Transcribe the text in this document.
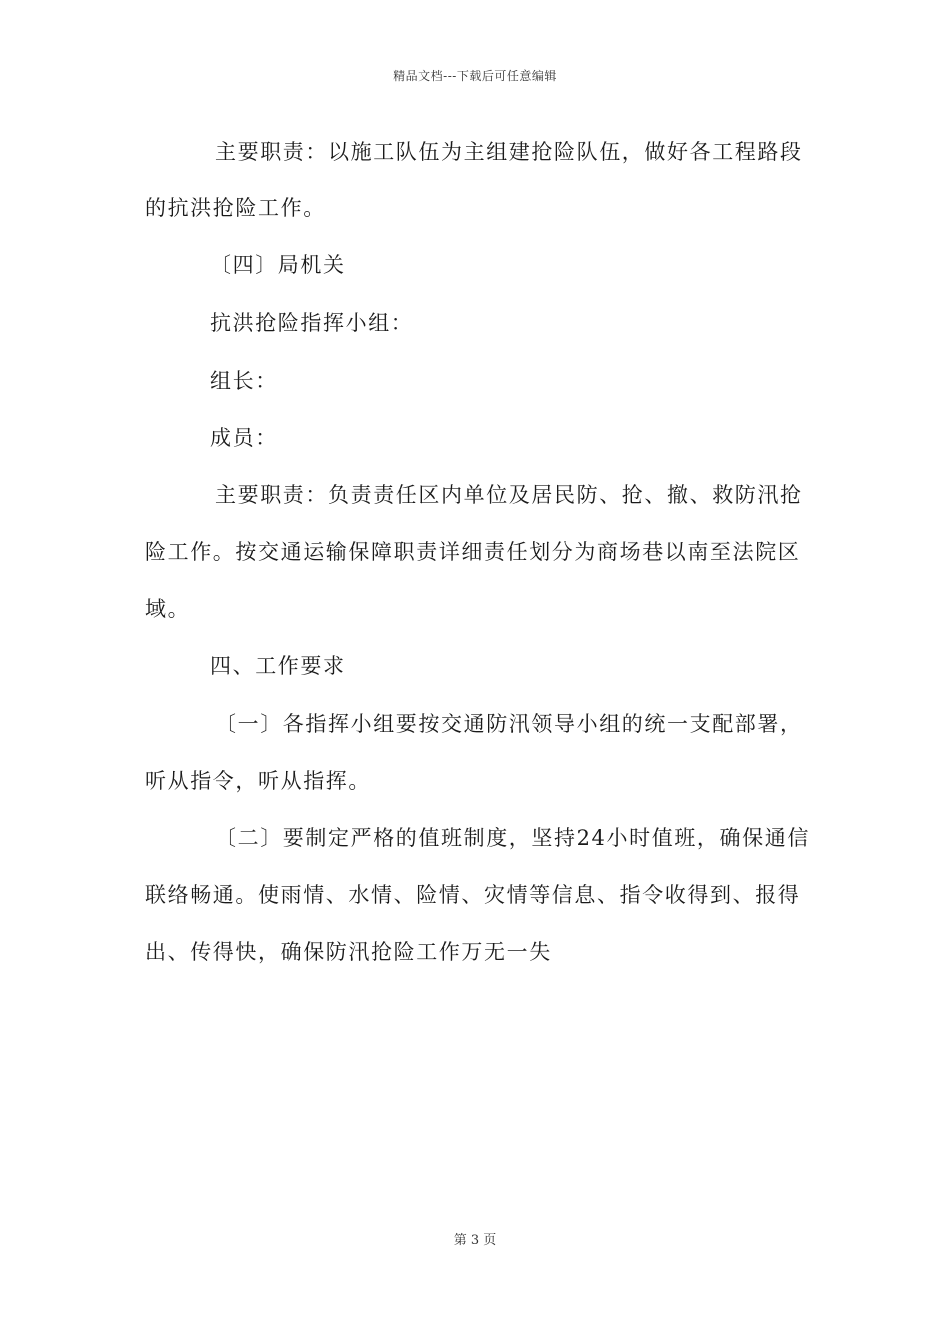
精品文档---下载后可任意编辑
主要职责：以施工队伍为主组建抢险队伍，做好各工程路段
的抗洪抢险工作。
〔四〕局机关
抗洪抢险指挥小组：
组长：
成员：
主要职责：负责责任区内单位及居民防、抢、撤、救防汛抢
险工作。按交通运输保障职责详细责任划分为商场巷以南至法院区
域。
四、工作要求
〔一〕各指挥小组要按交通防汛领导小组的统一支配部署，
听从指令，听从指挥。
〔二〕要制定严格的值班制度，坚持24小时值班，确保通信
联络畅通。使雨情、水情、险情、灾情等信息、指令收得到、报得
出、传得快，确保防汛抢险工作万无一失
第 3 页
